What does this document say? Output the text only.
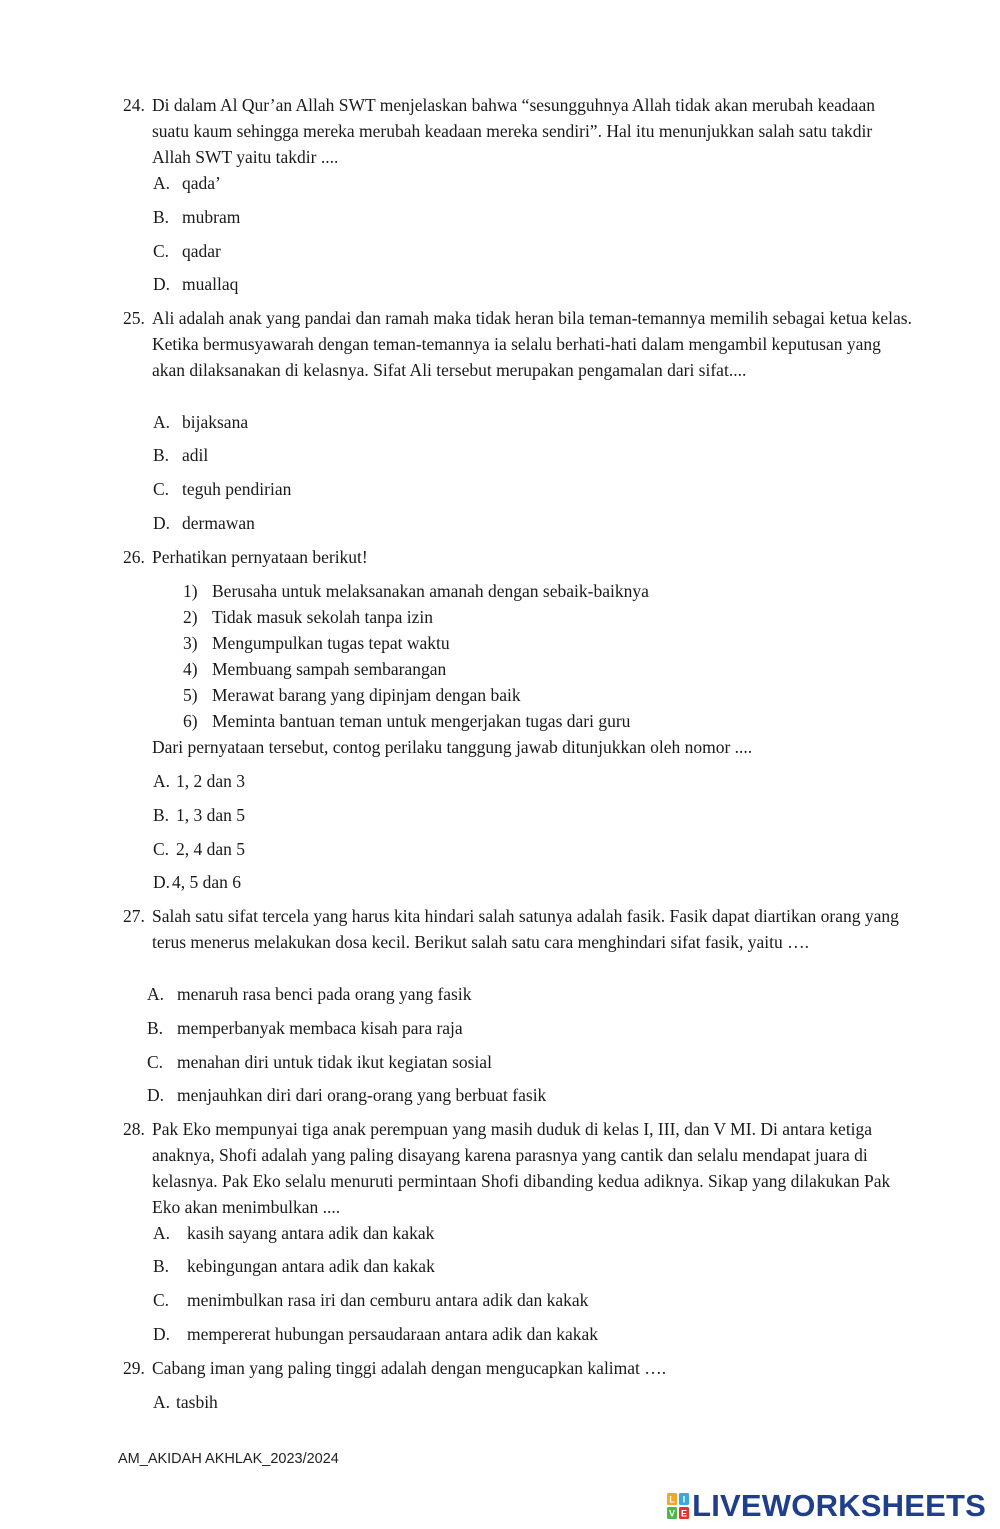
24. Di dalam Al Qur’an Allah SWT menjelaskan bahwa “sesungguhnya Allah tidak akan merubah keadaan suatu kaum sehingga mereka merubah keadaan mereka sendiri”. Hal itu menunjukkan salah satu takdir Allah SWT yaitu takdir ....
A. qada’
B. mubram
C. qadar
D. muallaq
25. Ali adalah anak yang pandai dan ramah maka tidak heran bila teman-temannya memilih sebagai ketua kelas. Ketika bermusyawarah dengan teman-temannya ia selalu berhati-hati dalam mengambil keputusan yang akan dilaksanakan di kelasnya. Sifat Ali tersebut merupakan pengamalan dari sifat....
A. bijaksana
B. adil
C. teguh pendirian
D. dermawan
26. Perhatikan pernyataan berikut!
1) Berusaha untuk melaksanakan amanah dengan sebaik-baiknya
2) Tidak masuk sekolah tanpa izin
3) Mengumpulkan tugas tepat waktu
4) Membuang sampah sembarangan
5) Merawat barang yang dipinjam dengan baik
6) Meminta bantuan teman untuk mengerjakan tugas dari guru
Dari pernyataan tersebut, contog perilaku tanggung jawab ditunjukkan oleh nomor ....
A. 1, 2 dan 3
B. 1, 3 dan 5
C. 2, 4 dan 5
D. 4, 5 dan 6
27. Salah satu sifat tercela yang harus kita hindari salah satunya adalah fasik. Fasik dapat diartikan orang yang terus menerus melakukan dosa kecil. Berikut salah satu cara menghindari sifat fasik, yaitu ….
A. menaruh rasa benci pada orang yang fasik
B. memperbanyak membaca kisah para raja
C. menahan diri untuk tidak ikut kegiatan sosial
D. menjauhkan diri dari orang-orang yang berbuat fasik
28. Pak Eko mempunyai tiga anak perempuan yang masih duduk di kelas I, III, dan V MI. Di antara ketiga anaknya, Shofi adalah yang paling disayang karena parasnya yang cantik dan selalu mendapat juara di kelasnya. Pak Eko selalu menuruti permintaan Shofi dibanding kedua adiknya. Sikap yang dilakukan Pak Eko akan menimbulkan ....
A. kasih sayang antara adik dan kakak
B. kebingungan antara adik dan kakak
C. menimbulkan rasa iri dan cemburu antara adik dan kakak
D. mempererat hubungan persaudaraan antara adik dan kakak
29. Cabang iman yang paling tinggi adalah dengan mengucapkan kalimat ….
A. tasbih
AM_AKIDAH AKHLAK_2023/2024
L I
V E LIVEWORKSHEETS
